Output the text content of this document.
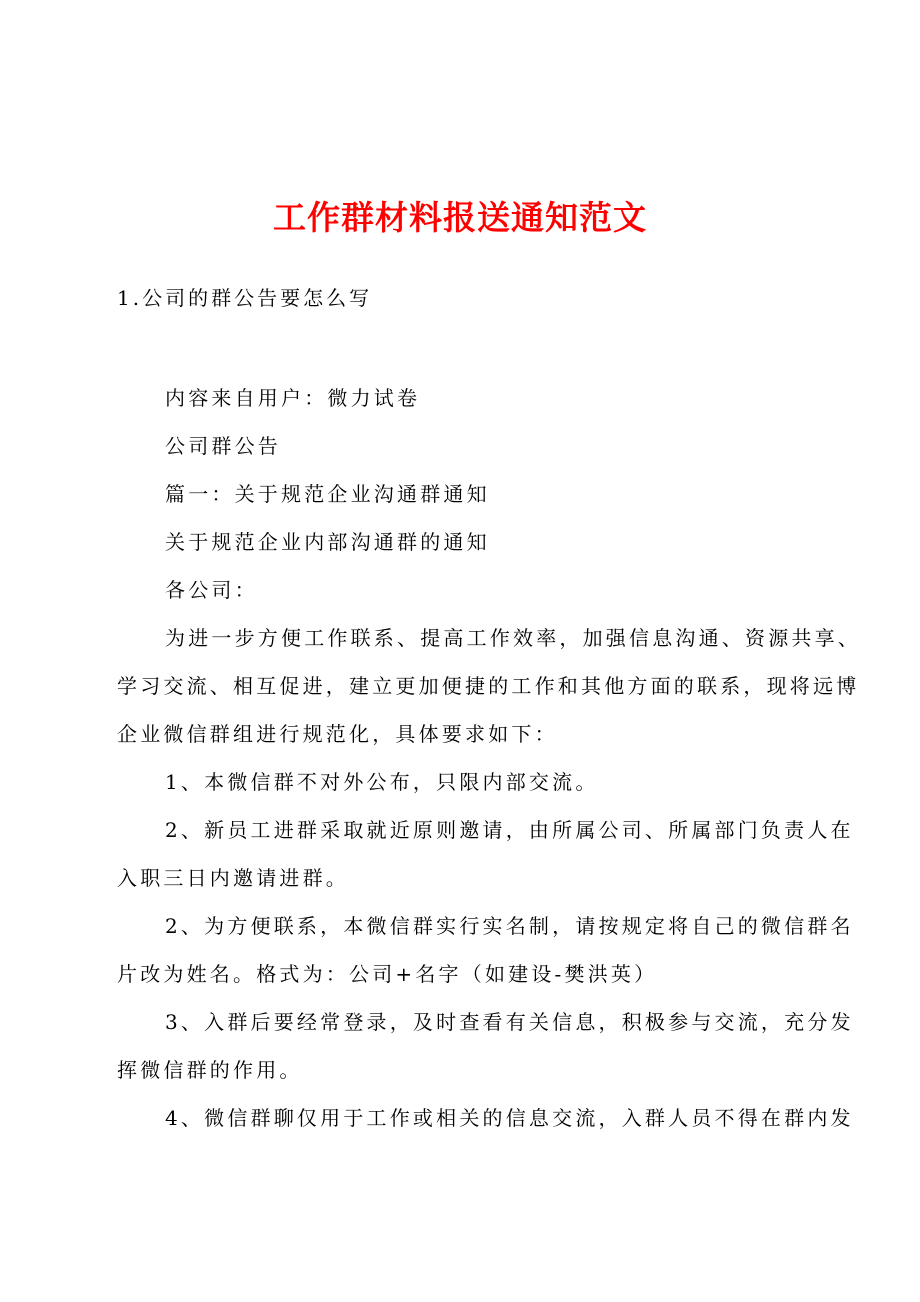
工作群材料报送通知范文
1.公司的群公告要怎么写

内容来自用户：微力试卷

公司群公告

篇一：关于规范企业沟通群通知

关于规范企业内部沟通群的通知

各公司：

为进一步方便工作联系、提高工作效率，加强信息沟通、资源共享、

学习交流、相互促进，建立更加便捷的工作和其他方面的联系，现将远博

企业微信群组进行规范化，具体要求如下：

1、本微信群不对外公布，只限内部交流。

2、新员工进群采取就近原则邀请，由所属公司、所属部门负责人在

入职三日内邀请进群。

2、为方便联系，本微信群实行实名制，请按规定将自己的微信群名

片改为姓名。格式为：公司+名字（如建设-樊洪英）

3、入群后要经常登录，及时查看有关信息，积极参与交流，充分发

挥微信群的作用。

4、微信群聊仅用于工作或相关的信息交流，入群人员不得在群内发
